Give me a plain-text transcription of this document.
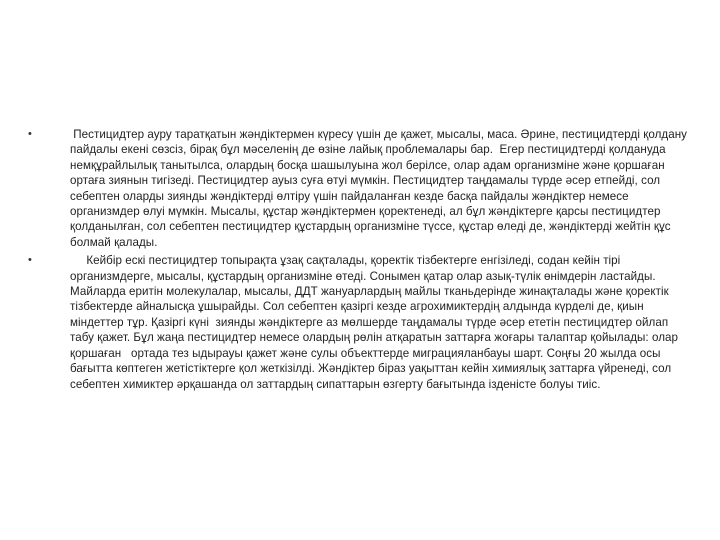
•	Пестицидтер ауру таратқатын жәндіктермен күресу үшін де қажет, мысалы, маса. Әрине, пестицидтерді қолдану пайдалы екені сөзсіз, бірақ бұл мәселенің де өзіне лайық проблемалары бар.  Егер пестицидтерді қолдануда немқұрайлылық танытылса, олардың босқа шашылуына жол берілсе, олар адам организміне және қоршаған ортаға зиянын тигізеді. Пестицидтер ауыз суға өтуі мүмкін. Пестицидтер таңдамалы түрде әсер етпейді, сол себептен оларды зиянды жәндіктерді өлтіру үшін пайдаланған кезде басқа пайдалы жәндіктер немесе организмдер өлуі мүмкін. Мысалы, құстар жәндіктермен қоректенеді, ал бұл жәндіктерге қарсы пестицидтер қолданылған, сол себептен пестицидтер құстардың организміне түссе, құстар өледі де, жәндіктерді жейтін құс болмай қалады.
•	Кейбір ескі пестицидтер топырақта ұзақ сақталады, қоректік тізбектерге енгізіледі, содан кейін тірі организмдерге, мысалы, құстардың организміне өтеді. Сонымен қатар олар азық-түлік өнімдерін ластайды. Майларда еритін молекулалар, мысалы, ДДТ жануарлардың майлы тканьдерінде жинақталады және қоректік тізбектерде айналысқа ұшырайды. Сол себептен қазіргі кезде агрохимиктердің алдында күрделі де, қиын міндеттер тұр. Қазіргі күні  зиянды жәндіктерге аз мөлшерде таңдамалы түрде әсер ететін пестицидтер ойлап табу қажет. Бұл жаңа пестицидтер немесе олардың рөлін атқаратын заттарға жоғары талаптар қойылады: олар қоршаған   ортада тез ыдырауы қажет және сулы объекттерде миграцияланбауы шарт. Соңғы 20 жылда осы бағытта көптеген жетістіктерге қол жеткізілді. Жәндіктер біраз уақыттан кейін химиялық заттарға үйренеді, сол себептен химиктер әрқашанда ол заттардың сипаттарын өзгерту бағытында ізденісте болуы тиіс.
